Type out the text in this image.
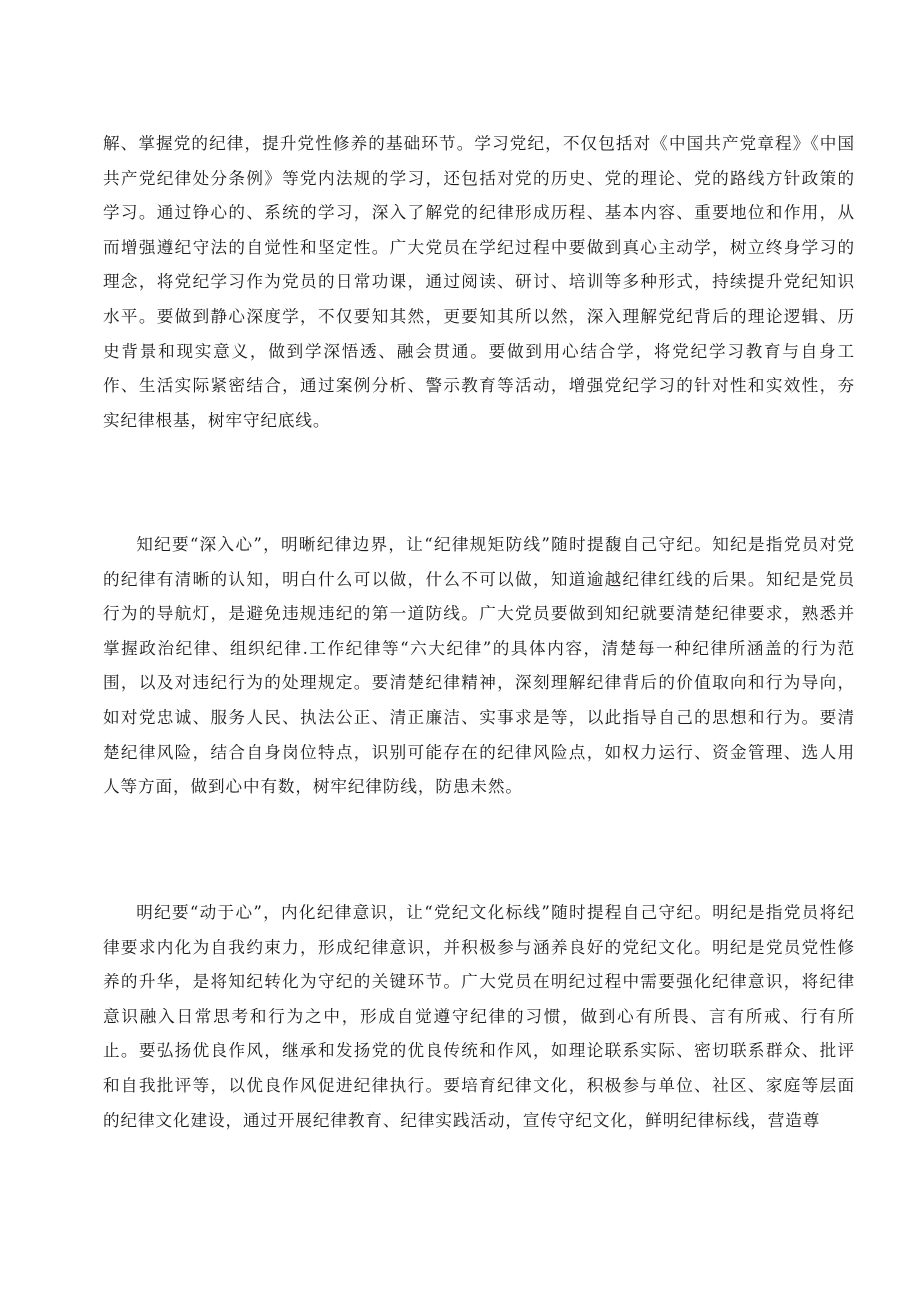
解、掌握党的纪律，提升党性修养的基础环节。学习党纪，不仅包括对《中国共产党章程》《中国共产党纪律处分条例》等党内法规的学习，还包括对党的历史、党的理论、党的路线方针政策的学习。通过铮心的、系统的学习，深入了解党的纪律形成历程、基本内容、重要地位和作用，从而增强遵纪守法的自觉性和坚定性。广大党员在学纪过程中要做到真心主动学，树立终身学习的理念，将党纪学习作为党员的日常功课，通过阅读、研讨、培训等多种形式，持续提升党纪知识水平。要做到静心深度学，不仅要知其然，更要知其所以然，深入理解党纪背后的理论逻辑、历史背景和现实意义，做到学深悟透、融会贯通。要做到用心结合学，将党纪学习教育与自身工作、生活实际紧密结合，通过案例分析、警示教育等活动，增强党纪学习的针对性和实效性，夯实纪律根基，树牢守纪底线。

知纪要“深入心”，明晰纪律边界，让“纪律规矩防线”随时提馥自己守纪。知纪是指党员对党的纪律有清晰的认知，明白什么可以做，什么不可以做，知道逾越纪律红线的后果。知纪是党员行为的导航灯，是避免违规违纪的第一道防线。广大党员要做到知纪就要清楚纪律要求，熟悉并掌握政治纪律、组织纪律.工作纪律等“六大纪律”的具体内容，清楚每一种纪律所涵盖的行为范围，以及对违纪行为的处理规定。要清楚纪律精神，深刻理解纪律背后的价值取向和行为导向，如对党忠诚、服务人民、执法公正、清正廉洁、实事求是等，以此指导自己的思想和行为。要清楚纪律风险，结合自身岗位特点，识别可能存在的纪律风险点，如权力运行、资金管理、选人用人等方面，做到心中有数，树牢纪律防线，防患未然。

明纪要“动于心”，内化纪律意识，让“党纪文化标线”随时提程自己守纪。明纪是指党员将纪律要求内化为自我约束力，形成纪律意识，并积极参与涵养良好的党纪文化。明纪是党员党性修养的升华，是将知纪转化为守纪的关键环节。广大党员在明纪过程中需要强化纪律意识，将纪律意识融入日常思考和行为之中，形成自觉遵守纪律的习惯，做到心有所畏、言有所戒、行有所止。要弘扬优良作风，继承和发扬党的优良传统和作风，如理论联系实际、密切联系群众、批评和自我批评等，以优良作风促进纪律执行。要培育纪律文化，积极参与单位、社区、家庭等层面的纪律文化建设，通过开展纪律教育、纪律实践活动，宣传守纪文化，鲜明纪律标线，营造尊
